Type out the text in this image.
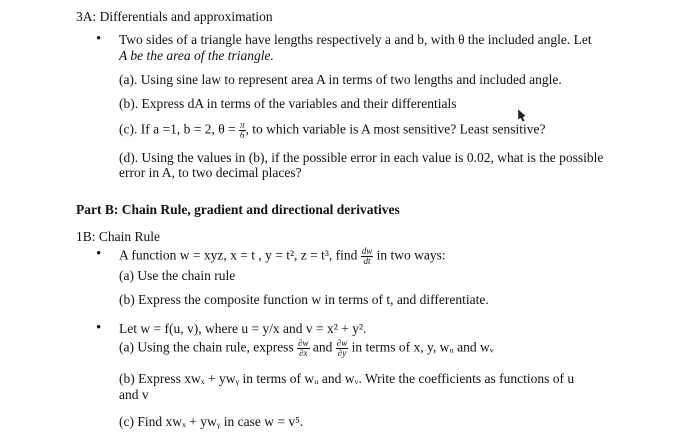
3A: Differentials and approximation
• Two sides of a triangle have lengths respectively a and b, with θ the included angle. Let
A be the area of the triangle.
(a). Using sine law to represent area A in terms of two lengths and included angle.
(b). Express dA in terms of the variables and their differentials
(c). If a =1, b = 2, $\theta = \frac{\pi}{6}$ , to which variable is A most sensitive? Least sensitive?
(d). Using the values in (b), if the possible error in each value is 0.02, what is the possible
error in A, to two decimal places?
Part B: Chain Rule, gradient and directional derivatives
1B: Chain Rule
• A function w = xyz, x = t , y = t², z = t³, find $\frac{dw}{dt}$ in two ways:
(a) Use the chain rule
(b) Express the composite function w in terms of t, and differentiate.
• Let w = f(u, v), where u = y/x and v = x² + y².
(a) Using the chain rule, express $\frac{\partial w}{\partial x}$ and $\frac{\partial w}{\partial y}$ in terms of x, y, wᵤ and wᵥ
(b) Express xwₓ + ywᵧ in terms of wᵤ and wᵥ. Write the coefficients as functions of u
and v
(c) Find xwₓ + ywᵧ in case w = v⁵.
